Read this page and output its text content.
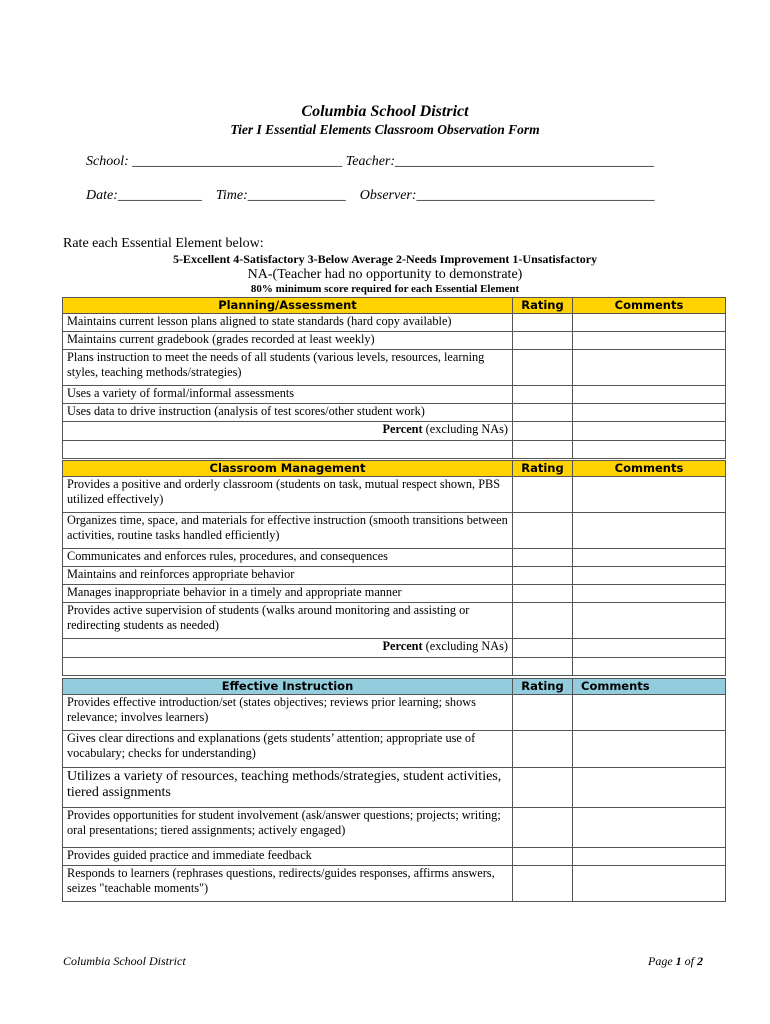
Columbia School District
Tier I Essential Elements Classroom Observation Form
School: ______________________________ Teacher:_____________________________________
Date:____________    Time:______________    Observer:__________________________________
Rate each Essential Element below:
5-Excellent 4-Satisfactory 3-Below Average 2-Needs Improvement 1-Unsatisfactory
NA-(Teacher had no opportunity to demonstrate)
80% minimum score required for each Essential Element
Planning/Assessment	Rating	Comments
Maintains current lesson plans aligned to state standards (hard copy available)		
Maintains current gradebook (grades recorded at least weekly)		
Plans instruction to meet the needs of all students (various levels, resources, learning styles, teaching methods/strategies)		
Uses a variety of formal/informal assessments		
Uses data to drive instruction (analysis of test scores/other student work)		
Percent (excluding NAs)		

Classroom Management	Rating	Comments
Provides a positive and orderly classroom (students on task, mutual respect shown, PBS utilized effectively)		
Organizes time, space, and materials for effective instruction (smooth transitions between activities, routine tasks handled efficiently)		
Communicates and enforces rules, procedures, and consequences		
Maintains and reinforces appropriate behavior		
Manages inappropriate behavior in a timely and appropriate manner		
Provides active supervision of students (walks around monitoring and assisting or redirecting students as needed)		
Percent (excluding NAs)		

Effective Instruction	Rating	Comments
Provides effective introduction/set (states objectives; reviews prior learning; shows relevance; involves learners)		
Gives clear directions and explanations (gets students’ attention; appropriate use of vocabulary; checks for understanding)		
Utilizes a variety of resources, teaching methods/strategies, student activities, tiered assignments		
Provides opportunities for student involvement (ask/answer questions; projects; writing; oral presentations; tiered assignments; actively engaged)		
Provides guided practice and immediate feedback		
Responds to learners (rephrases questions, redirects/guides responses, affirms answers, seizes "teachable moments")		
Columbia School District	Page 1 of 2
